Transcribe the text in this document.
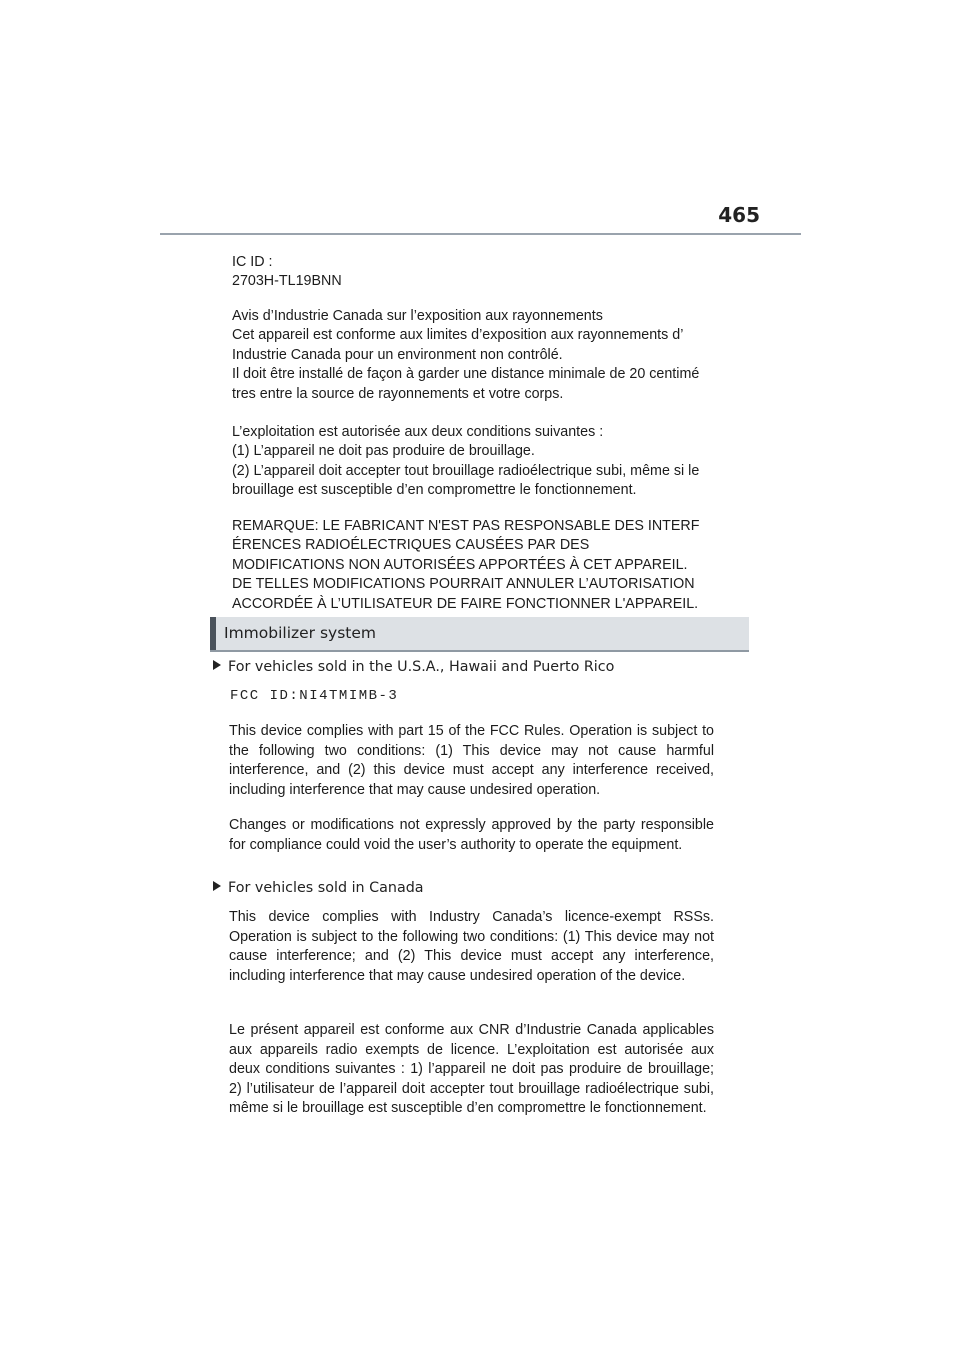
465

IC ID :

2703H-TL19BNN

Avis d’Industrie Canada sur l’exposition aux rayonnements

Cet appareil est conforme aux limites d’exposition aux rayonnements d’

Industrie Canada pour un environment non contrôlé.

Il doit être installé de façon à garder une distance minimale de 20 centimé

tres entre la source de rayonnements et votre corps.

L’exploitation est autorisée aux deux conditions suivantes :

(1) L’appareil ne doit pas produire de brouillage.

(2) L’appareil doit accepter tout brouillage radioélectrique subi, même si le

brouillage est susceptible d’en compromettre le fonctionnement.

REMARQUE: LE FABRICANT N'EST PAS RESPONSABLE DES INTERF

ÉRENCES RADIOÉLECTRIQUES CAUSÉES PAR DES

MODIFICATIONS NON AUTORISÉES APPORTÉES À CET APPAREIL.

DE TELLES MODIFICATIONS POURRAIT ANNULER L’AUTORISATION

ACCORDÉE À L’UTILISATEUR DE FAIRE FONCTIONNER L'APPAREIL.

Immobilizer system
For vehicles sold in the U.S.A., Hawaii and Puerto Rico
FCC ID:NI4TMIMB-3

This device complies with part 15 of the FCC Rules. Operation is subject to the following two conditions: (1) This device may not cause harmful interference, and (2) this device must accept any interference received, including interference that may cause undesired operation.

Changes or modifications not expressly approved by the party responsible for compliance could void the user’s authority to operate the equipment.

For vehicles sold in Canada

This device complies with Industry Canada’s licence-exempt RSSs. Operation is subject to the following two conditions: (1) This device may not cause interference; and (2) This device must accept any interference, including interference that may cause undesired operation of the device.

Le présent appareil est conforme aux CNR d’Industrie Canada applicables aux appareils radio exempts de licence. L’exploitation est autorisée aux deux conditions suivantes : 1) l’appareil ne doit pas produire de brouillage; 2) l’utilisateur de l’appareil doit accepter tout brouillage radioélectrique subi, même si le brouillage est susceptible d’en compromettre le fonctionnement.
